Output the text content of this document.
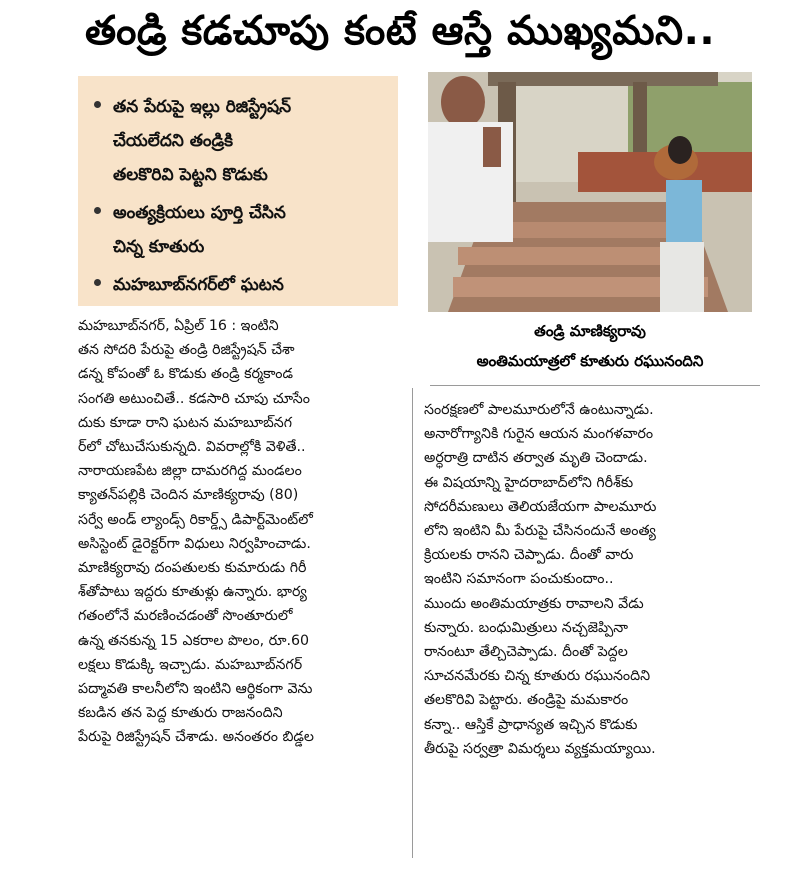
తండ్రి కడచూపు కంటే ఆస్తే ముఖ్యమని..
తన పేరుపై ఇల్లు రిజిస్ట్రేషన్
చేయలేదని తండ్రికి
తలకొరివి పెట్టని కొడుకు
అంత్యక్రియలు పూర్తి చేసిన
చిన్న కూతురు
మహబూబ్‌నగర్‌లో ఘటన
తండ్రి మాణిక్యరావు
అంతిమయాత్రలో కూతురు రఘునందిని
మహబూబ్‌నగర్, ఏప్రిల్ 16 : ఇంటిని
తన సోదరి పేరుపై తండ్రి రిజిస్ట్రేషన్ చేశా
డన్న కోపంతో ఓ కొడుకు తండ్రి కర్మకాండ
సంగతి అటుంచితే.. కడసారి చూపు చూసేం
దుకు కూడా రాని ఘటన మహబూబ్‌నగ
ర్‌లో చోటుచేసుకున్నది. వివరాల్లోకి వెళితే..
నారాయణపేట జిల్లా దామరగిద్ద మండలం
క్యాతన్‌పల్లికి చెందిన మాణిక్యరావు (80)
సర్వే అండ్ ల్యాండ్స్ రికార్డ్స్ డిపార్ట్‌మెంట్‌లో
అసిస్టెంట్ డైరెక్టర్‌గా విధులు నిర్వహించాడు.
మాణిక్యరావు దంపతులకు కుమారుడు గిరీ
శ్‌తోపాటు ఇద్దరు కూతుళ్లు ఉన్నారు. భార్య
గతంలోనే మరణించడంతో సొంతూరులో
ఉన్న తనకున్న 15 ఎకరాల పొలం, రూ.60
లక్షలు కొడుక్కి ఇచ్చాడు. మహబూబ్‌నగర్
పద్మావతి కాలనీలోని ఇంటిని ఆర్థికంగా వెను
కబడిన తన పెద్ద కూతురు రాజనందిని
పేరుపై రిజిస్ట్రేషన్ చేశాడు. అనంతరం బిడ్డల
సంరక్షణలో పాలమూరులోనే ఉంటున్నాడు.
అనారోగ్యానికి గురైన ఆయన మంగళవారం
అర్ధరాత్రి దాటిన తర్వాత మృతి చెందాడు.
ఈ విషయాన్ని హైదరాబాద్‌లోని గిరీశ్‌కు
సోదరీమణులు తెలియజేయగా పాలమూరు
లోని ఇంటిని మీ పేరుపై చేసినందునే అంత్య
క్రియలకు రానని చెప్పాడు. దీంతో వారు
ఇంటిని సమానంగా పంచుకుందాం..
ముందు అంతిమయాత్రకు రావాలని వేడు
కున్నారు. బంధుమిత్రులు నచ్చజెప్పినా
రానంటూ తేల్చిచెప్పాడు. దీంతో పెద్దల
సూచనమేరకు చిన్న కూతురు రఘునందిని
తలకొరివి పెట్టారు. తండ్రిపై మమకారం
కన్నా.. ఆస్తికే ప్రాధాన్యత ఇచ్చిన కొడుకు
తీరుపై సర్వత్రా విమర్శలు వ్యక్తమయ్యాయి.
